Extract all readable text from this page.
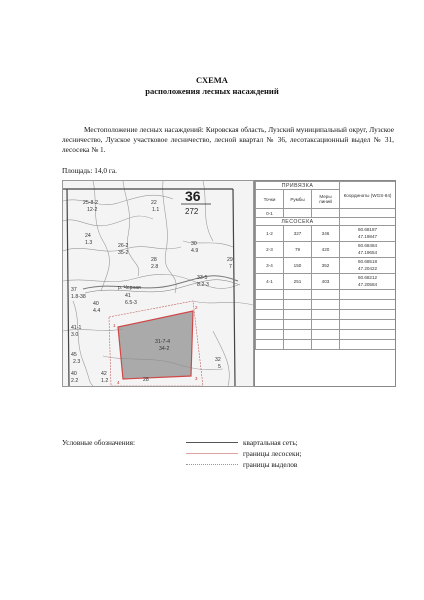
СХЕМА
расположения лесных насаждений
Местоположение лесных насаждений: Кировская область, Лузский муниципальный округ, Лузское лесничество, Лузское участковое лесничество, лесной квартал № 36, лесотаксационный выдел № 31, лесосека № 1.
Площадь: 14,0 га.
р. Черная
36
272
1
2
3
4
25-8-2
12-2
22
1.1
24
1.3	26-2
35-2
30
4.9
28
2.8
29
7
33-5
8.2-3
37
1.8-38
40
4.4
41
6.5-3
31-7-4
34-2
41-1
3.0
45
2.3
40
2.2
42
1.2
32
5
28
ПРИВЯЗКА			Координаты (WGS-84)
Точки	Румбы	Меры линий	
0-1			
ЛЕСОСЕКА			
1-2	327	346	60.68187
47.19847

2-3	79	420	60.68484
47.19654

3-4	150	352	60.68518
47.20422

4-1	251	403	60.68212
47.20584

Условные обозначения:	квартальная сеть;
границы лесосеки;
границы выделов
